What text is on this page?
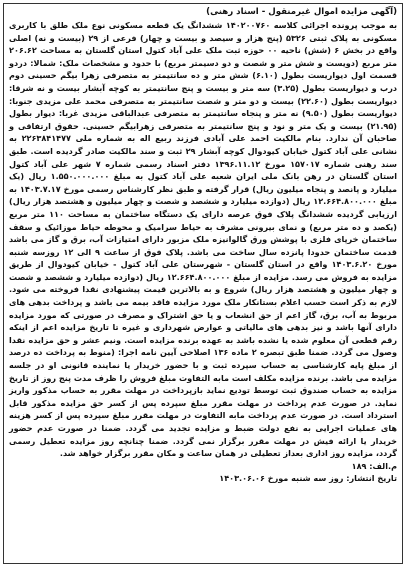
(آگهی مزایده اموال غیرمنقول - اسناد رهنی)

به موجب پرونده اجرائی کلاسه ۱۴۰۲۰۰۷۶۰ ششدانگ یک قطعه مسکونی نوع ملک طلق با کاربری مسکونی به پلاک ثبتی ۵۳۲۶ (پنج هزار و سیصد و بیست و چهار) فرعی از ۲۹ (بیست و نه) اصلی واقع در بخش ۶ (شش) ناحیه ۰۰ حوزه ثبت ملک علی آباد کتول استان گلستان به مساحت ۲۰۶.۶۲ متر مربع (دویست و شش متر و شصت و دو دسیمتر مربع) با حدود و مشخصات ملک: شمالا: دردو قسمت اول دیواریست بطول (۶.۱۰) شش متر و ده سانتیمتر به متصرفی زهرا بیگم حسینی دوم درب و دیواریست بطول (۳.۲۵) سه متر و بیست و پنج سانتیمتر به کوچه آبشار بیست و نه شرقا: دیواریست بطول (۲۲.۶۰) بیست و دو متر و شصت سانتیمتر به متصرفی محمد علی مزیدی جنوبا: دیواریست بطول (۹.۵۰) نه متر و پنجاه سانتیمتر به متصرفی عبدالباقی مزیدی غربا: دیوار بطول (۲۱.۹۵) بیست و یک متر و نود و پنج سانتیمتر به متصرفی زهرابیگم حسینی. حقوق ارتفاقی و صاحبان آن ندارد. بنام مالکیت احمد علی آبادی فرزند ربیع اله به شماره ملی ۲۲۶۳۸۴۱۴۷۷ به نشانی علی آباد کتول خیابان کیودوال کوچه آبشار ۲۹ ثبت و سند مالکیت صادر گردیده است. طبق سند رهنی شماره ۱۵۷۰۱۷ مورخ ۱۳۹۶.۱۱.۱۲ دفتر اسناد رسمی شماره ۷ شهر علی آباد کتول استان گلستان در رهن بانک ملی ایران شعبه علی آباد کتول به مبلغ ۱.۵۵۰.۰۰۰.۰۰۰ ریال (یک میلیارد و پانصد و پنجاه میلیون ریال) قرار گرفته و طبق نظر کارشناس رسمی مورخ ۱۴۰۳.۷.۱۷ به مبلغ ۱۲.۶۶۴.۸۰۰.۰۰۰ ریال (دوازده میلیارد و ششصد و شصت و چهار میلیون و هشتصد هزار ریال) ارزیابی گردیده ششدانگ پلاک فوق عرصه دارای یک دستگاه ساختمان به مساحت ۱۱۰ متر مربع (یکصد و ده متر مربع) و نمای بیرونی مشرف به حیاط سرامیک و محوطه حیاط موزائیک و سقف ساختمان خرپای فلزی با پوشش ورق گالوانیزه ملک مزبور دارای امتیازات آب، برق و گاز می باشد قدمت ساختمان حدودا پانزده سال ساخت می باشد. پلاک فوق از ساعت ۹ الی ۱۲ روزسه شنبه مورخ ۱۴۰۳.۶.۲۰ واقع در استان گلستان - شهرستان علی آباد کتول - خیابان کیودوال از طریق مزایده به فروش می رسد. مزایده از مبلغ ۱۲.۶۶۴.۸۰۰.۰۰۰ ریال (دوازده میلیارد و ششصد و شصت و چهار میلیون و هشتصد هزار ریال) شروع و به بالاترین قیمت پیشنهادی نقدا فروخته می شود. لازم به ذکر است حسب اعلام بستانکار ملک مورد مزایده فاقد بیمه می باشد و پرداخت بدهی های مربوط به آب، برق، گاز اعم از حق انشعاب و یا حق اشتراک و مصرف در صورتی که مورد مزایده دارای آنها باشد و نیز بدهی های مالیاتی و عوارض شهرداری و غیره تا تاریخ مزایده اعم از اینکه رقم قطعی آن معلوم شده یا نشده باشد به عهده برنده مزایده است. ونیم عشر و حق مزایده نقدا وصول می گردد. ضمنا طبق تبصره ۲ ماده ۱۳۶ اصلاحی آیین نامه اجرا: (منوط به پرداخت ده درصد از مبلغ پایه کارشناسی به حساب سپرده ثبت و با حضور خریدار یا نماینده قانونی او در جلسه مزایده می باشد. برنده مزایده مکلف است مابه التفاوت مبلغ فروش را ظرف مدت پنج روز از تاریخ مزایده به حساب صندوق ثبت توسط تودیع نماید بازپرداخت در مهلت مقرر به حساب مذکور واریز نماید. در صورت عدم پرداخت در مهلت مقرر مبلغ سپرده پس از کسر حق مزایده مذکور قابل استرداد است. در صورت عدم پرداخت مابه التفاوت در مهلت مقرر مبلغ سپرده پس از کسر هزینه های عملیات اجرایی به نفع دولت ضبط و مزایده تجدید می گردد. ضمنا در صورت عدم حضور خریدار یا ارائه فیش در مهلت مقرر برگزار نمی گردد. ضمنا چنانچه روز مزایده تعطیل رسمی گردد، مزایده روز اداری بعداز تعطیلی در همان ساعت و مکان مقرر برگزار خواهد شد.

م.الف: ۱۸۹

تاریخ انتشار: روز سه شنبه مورخ ۱۴۰۳.۰۶.۰۶
